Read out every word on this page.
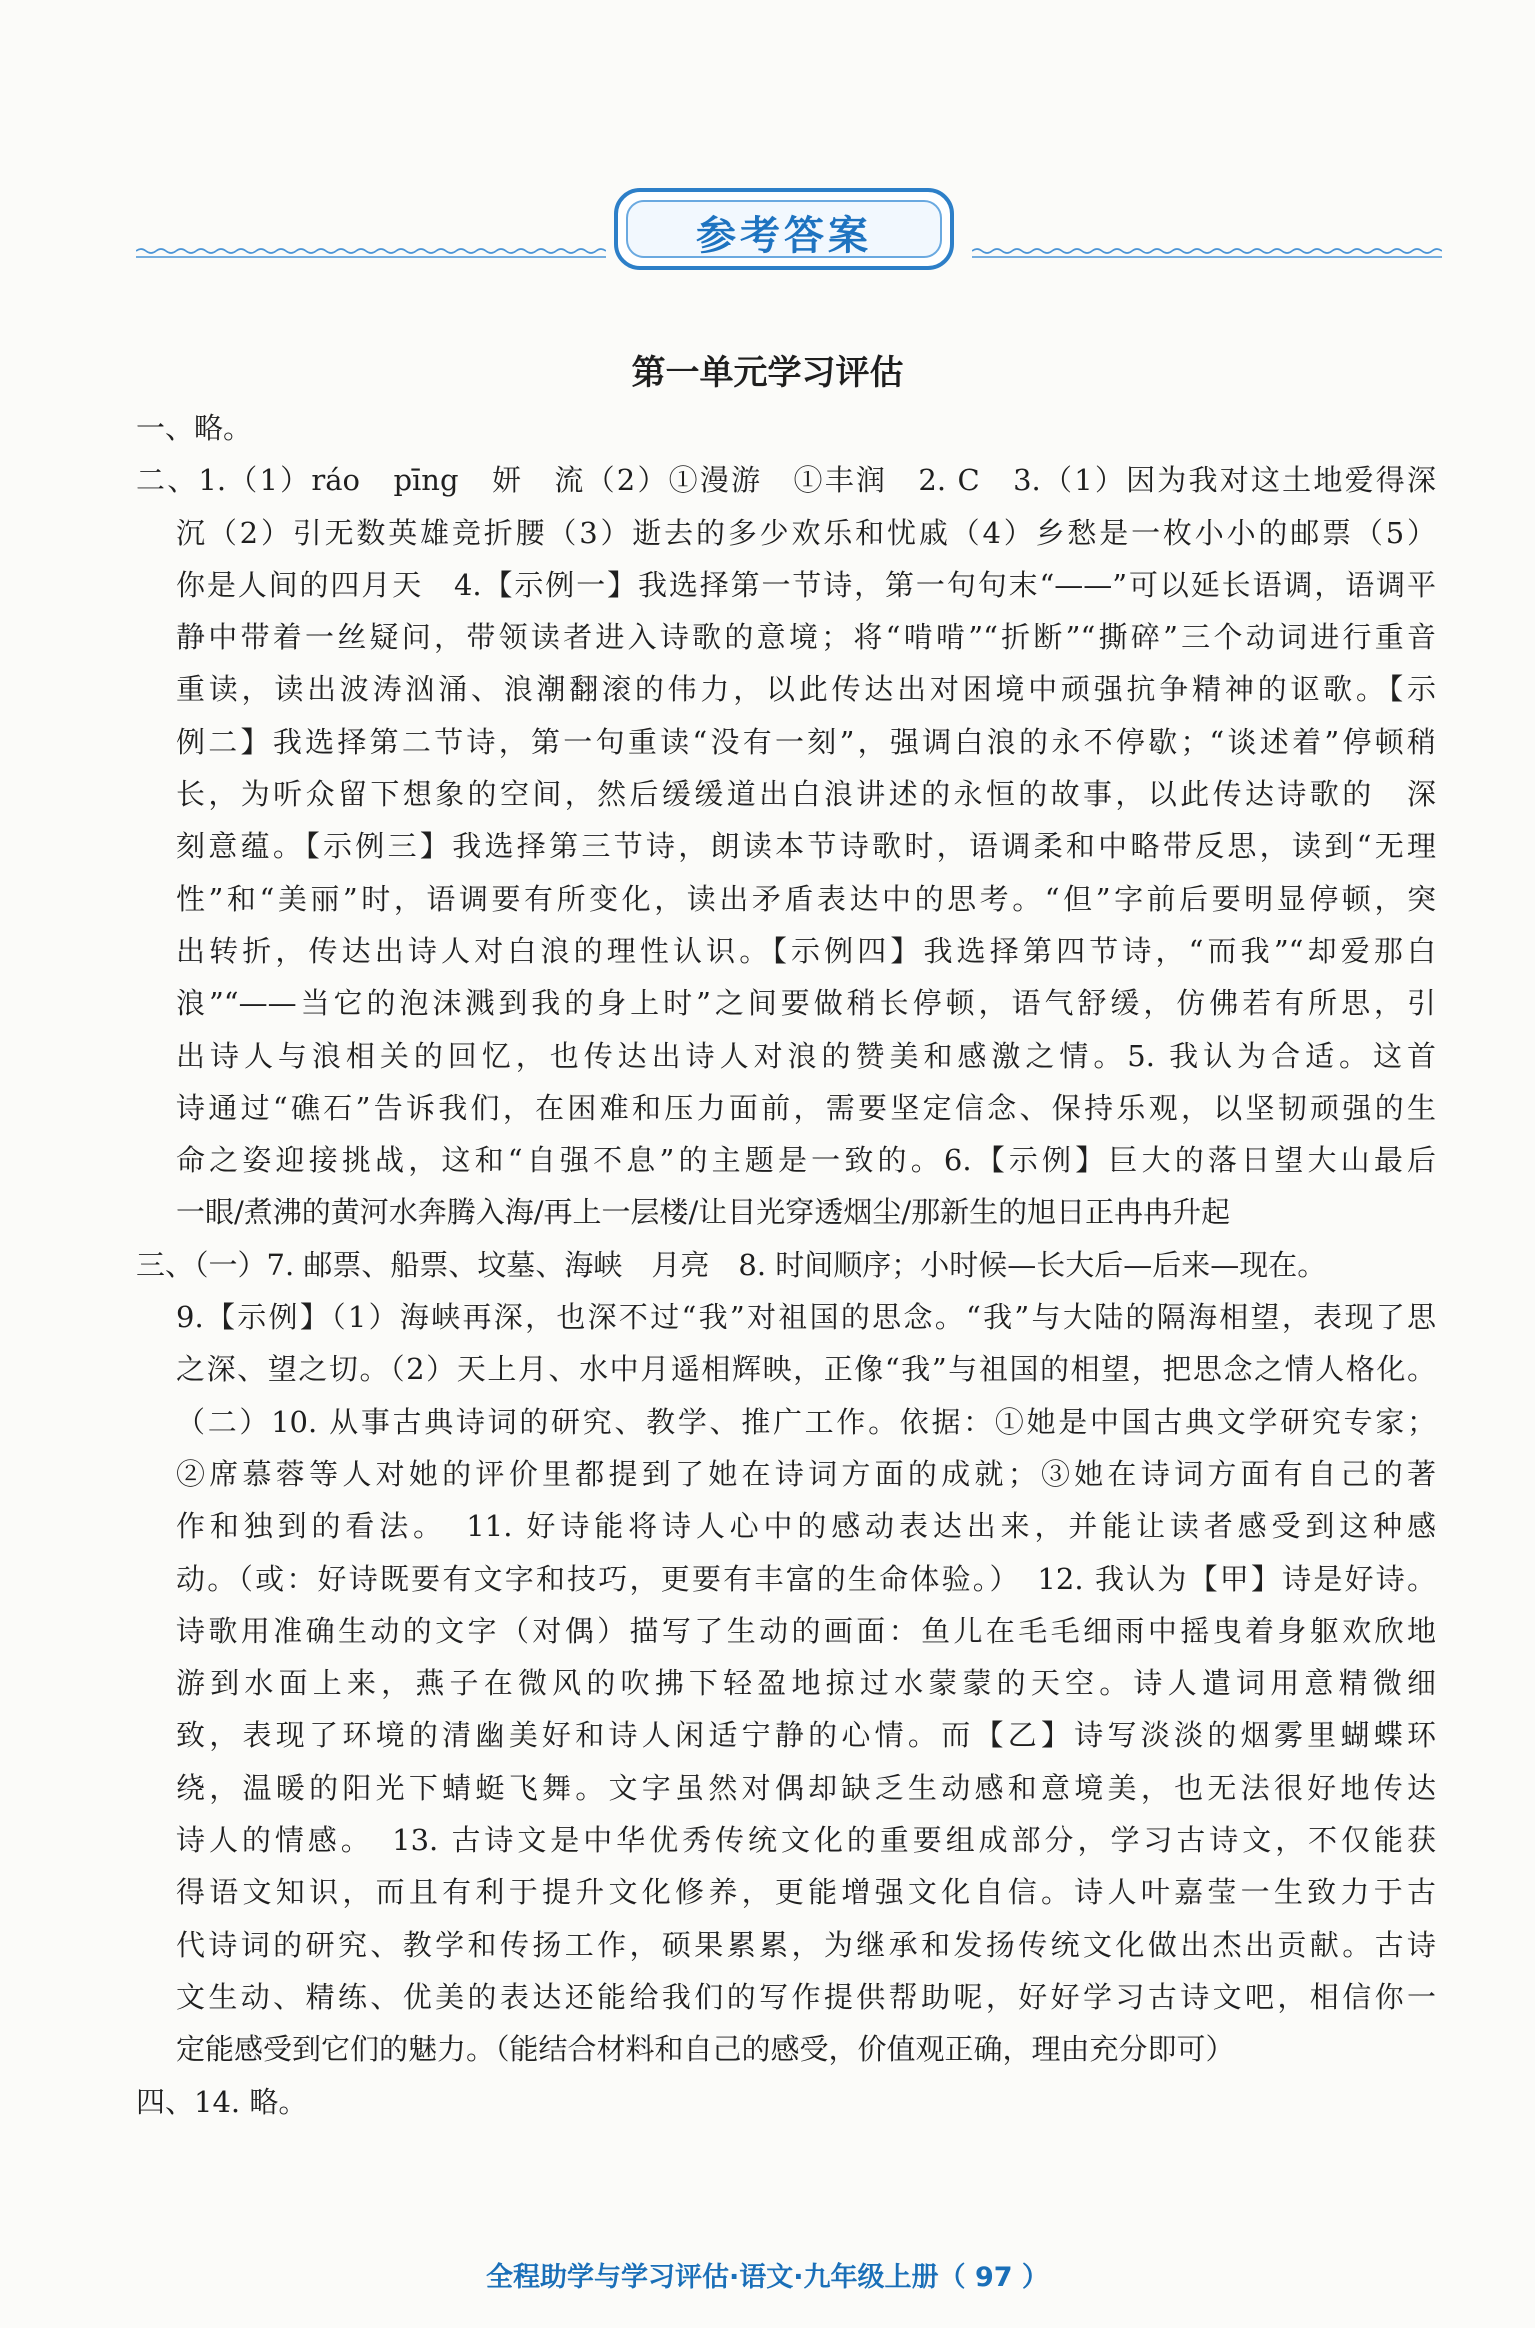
参考答案
第一单元学习评估
一、略。
二、1.（1）ráo　pīng　妍　流（2）①漫游　①丰润　2. C　3.（1）因为我对这土地爱得深
沉（2）引无数英雄竞折腰（3）逝去的多少欢乐和忧戚（4）乡愁是一枚小小的邮票（5）
你是人间的四月天　4.【示例一】我选择第一节诗，第一句句末“——”可以延长语调，语调平
静中带着一丝疑问，带领读者进入诗歌的意境；将“啃啃”“折断”“撕碎”三个动词进行重音
重读，读出波涛汹涌、浪潮翻滚的伟力，以此传达出对困境中顽强抗争精神的讴歌。【示
例二】我选择第二节诗，第一句重读“没有一刻”，强调白浪的永不停歇；“谈述着”停顿稍
长，为听众留下想象的空间，然后缓缓道出白浪讲述的永恒的故事，以此传达诗歌的　深
刻意蕴。【示例三】我选择第三节诗，朗读本节诗歌时，语调柔和中略带反思，读到“无理
性”和“美丽”时，语调要有所变化，读出矛盾表达中的思考。“但”字前后要明显停顿，突
出转折，传达出诗人对白浪的理性认识。【示例四】我选择第四节诗，“而我”“却爱那白
浪”“——当它的泡沫溅到我的身上时”之间要做稍长停顿，语气舒缓，仿佛若有所思，引
出诗人与浪相关的回忆，也传达出诗人对浪的赞美和感激之情。5. 我认为合适。这首
诗通过“礁石”告诉我们，在困难和压力面前，需要坚定信念、保持乐观，以坚韧顽强的生
命之姿迎接挑战，这和“自强不息”的主题是一致的。6.【示例】巨大的落日望大山最后
一眼/煮沸的黄河水奔腾入海/再上一层楼/让目光穿透烟尘/那新生的旭日正冉冉升起
三、（一）7. 邮票、船票、坟墓、海峡　月亮　8. 时间顺序；小时候—长大后—后来—现在。
9.【示例】（1）海峡再深，也深不过“我”对祖国的思念。“我”与大陆的隔海相望，表现了思
之深、望之切。（2）天上月、水中月遥相辉映，正像“我”与祖国的相望，把思念之情人格化。
（二）10. 从事古典诗词的研究、教学、推广工作。依据：①她是中国古典文学研究专家；
②席慕蓉等人对她的评价里都提到了她在诗词方面的成就；③她在诗词方面有自己的著
作和独到的看法。　11. 好诗能将诗人心中的感动表达出来，并能让读者感受到这种感
动。（或：好诗既要有文字和技巧，更要有丰富的生命体验。）　12. 我认为【甲】诗是好诗。
诗歌用准确生动的文字（对偶）描写了生动的画面：鱼儿在毛毛细雨中摇曳着身躯欢欣地
游到水面上来，燕子在微风的吹拂下轻盈地掠过水蒙蒙的天空。诗人遣词用意精微细
致，表现了环境的清幽美好和诗人闲适宁静的心情。而【乙】诗写淡淡的烟雾里蝴蝶环
绕，温暖的阳光下蜻蜓飞舞。文字虽然对偶却缺乏生动感和意境美，也无法很好地传达
诗人的情感。　13. 古诗文是中华优秀传统文化的重要组成部分，学习古诗文，不仅能获
得语文知识，而且有利于提升文化修养，更能增强文化自信。诗人叶嘉莹一生致力于古
代诗词的研究、教学和传扬工作，硕果累累，为继承和发扬传统文化做出杰出贡献。古诗
文生动、精练、优美的表达还能给我们的写作提供帮助呢，好好学习古诗文吧，相信你一
定能感受到它们的魅力。（能结合材料和自己的感受，价值观正确，理由充分即可）
四、14. 略。
全程助学与学习评估·语文·九年级上册（ 97 ）
